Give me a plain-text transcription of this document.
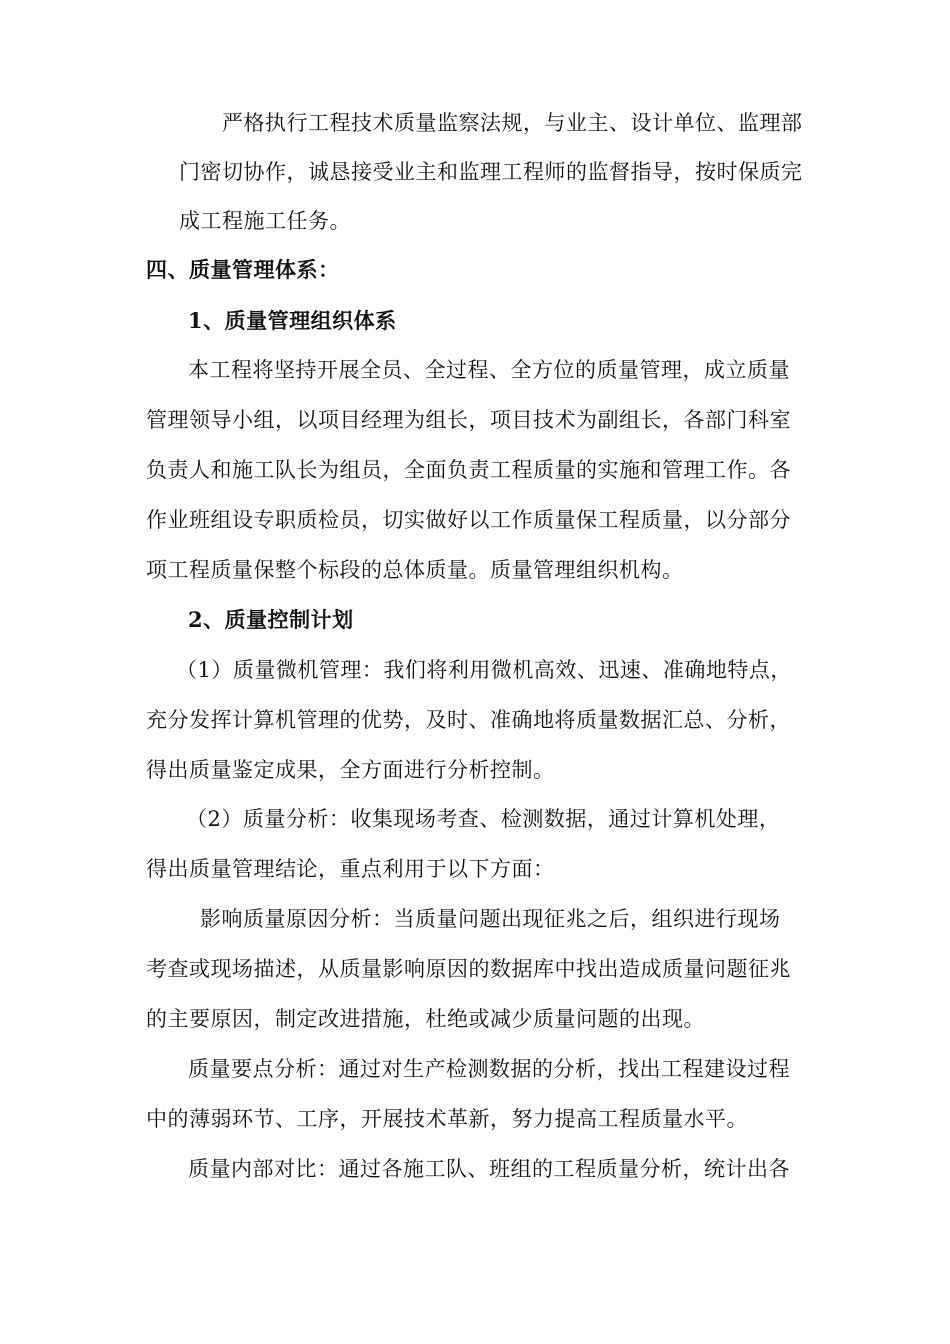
严格执行工程技术质量监察法规，与业主、设计单位、监理部
门密切协作，诚恳接受业主和监理工程师的监督指导，按时保质完
成工程施工任务。
四、质量管理体系：
1、质量管理组织体系
本工程将坚持开展全员、全过程、全方位的质量管理，成立质量
管理领导小组，以项目经理为组长，项目技术为副组长，各部门科室
负责人和施工队长为组员，全面负责工程质量的实施和管理工作。各
作业班组设专职质检员，切实做好以工作质量保工程质量，以分部分
项工程质量保整个标段的总体质量。质量管理组织机构。
2、质量控制计划
（1）质量微机管理：我们将利用微机高效、迅速、准确地特点，
充分发挥计算机管理的优势，及时、准确地将质量数据汇总、分析，
得出质量鉴定成果，全方面进行分析控制。
（2）质量分析：收集现场考查、检测数据，通过计算机处理，
得出质量管理结论，重点利用于以下方面：
影响质量原因分析：当质量问题出现征兆之后，组织进行现场
考查或现场描述，从质量影响原因的数据库中找出造成质量问题征兆
的主要原因，制定改进措施，杜绝或减少质量问题的出现。
质量要点分析：通过对生产检测数据的分析，找出工程建设过程
中的薄弱环节、工序，开展技术革新，努力提高工程质量水平。
质量内部对比：通过各施工队、班组的工程质量分析，统计出各
